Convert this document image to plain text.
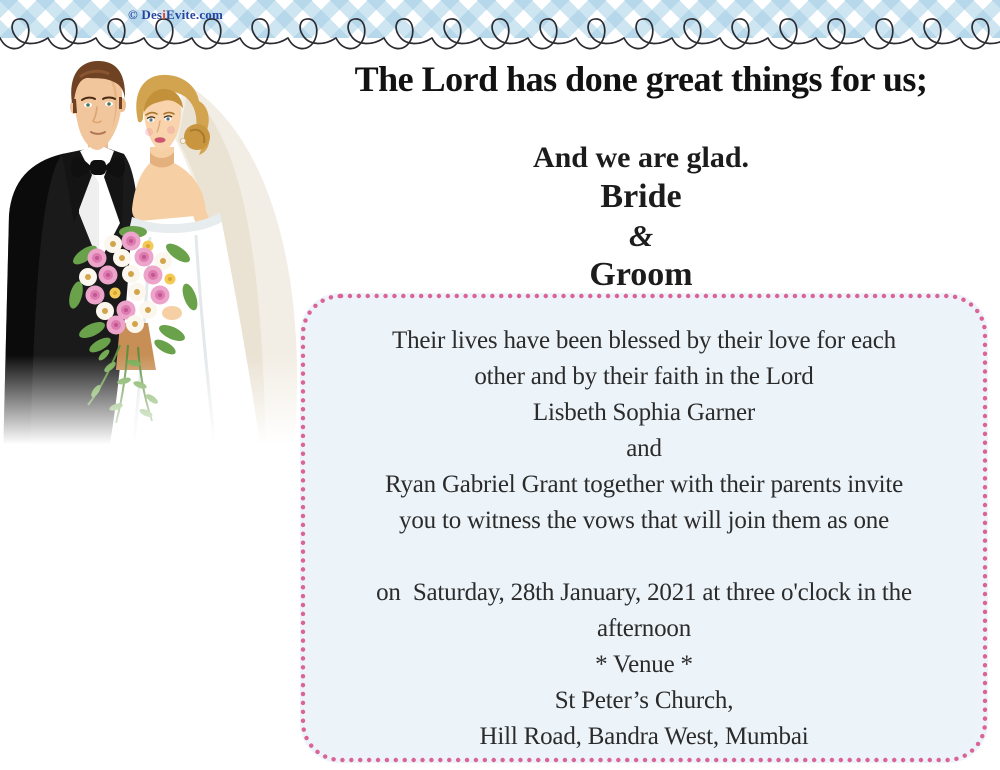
© DesiEvite.com
The Lord has done great things for us;
And we are glad.
Bride
&
Groom
Their lives have been blessed by their love for each
other and by their faith in the Lord
Lisbeth Sophia Garner
and
Ryan Gabriel Grant together with their parents invite
you to witness the vows that will join them as one
on  Saturday, 28th January, 2021 at three o'clock in the
afternoon
* Venue *
St Peter’s Church,
Hill Road, Bandra West, Mumbai
